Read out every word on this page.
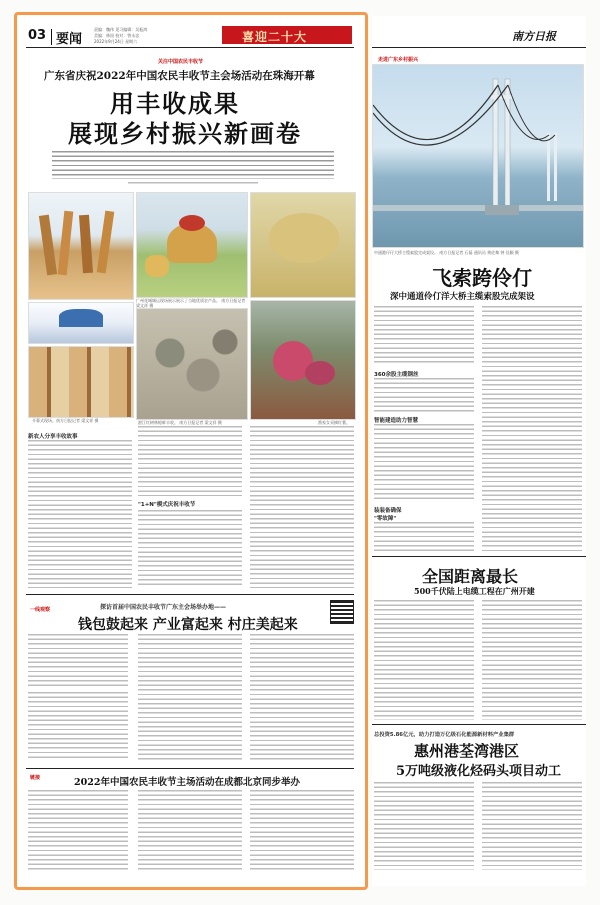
03 要闻
责编：魏伟 见习编辑：吴振鸿
美编：林国 校对：曾永忠
2022年9月24日 星期六	喜迎二十大
关注中国农民丰收节
广东省庆祝2022年中国农民丰收节主会场活动在珠海开幕
用丰收成果
展现乡村振兴新画卷
广州花城城运现场展示展示了当地优质农产品。 南方日报记者 梁文祥 摄
开幕式现场。南方日报记者 梁文祥 摄	湛江红树林蛤蚌丰收。 南方日报记者 梁文祥 摄	渔家女采摘红薯。
新农人分享丰收故事
"1+N"模式庆祝丰收节
一线观察	探访首届中国农民丰收节广东主会场举办地——
钱包鼓起来 产业富起来 村庄美起来
链接	2022年中国农民丰收节主场活动在成都北京同步举办
南方日报
走进广东乡村振兴
中通港仔仔大桥主缆索股完成架设。 南方日报记者 石磊 通讯员 黄佐黎 钟 佳颖 摄
飞索跨伶仃
深中通道伶仃洋大桥主缆索股完成架设
360余股主缆钢丝
智能建造助力智慧
装装备确保
"零故障"
全国距离最长
500千伏陆上电缆工程在广州开建
总投资5.86亿元，助力打造万亿级石化能源新材料产业集群
惠州港荃湾港区
5万吨级液化烃码头项目动工
